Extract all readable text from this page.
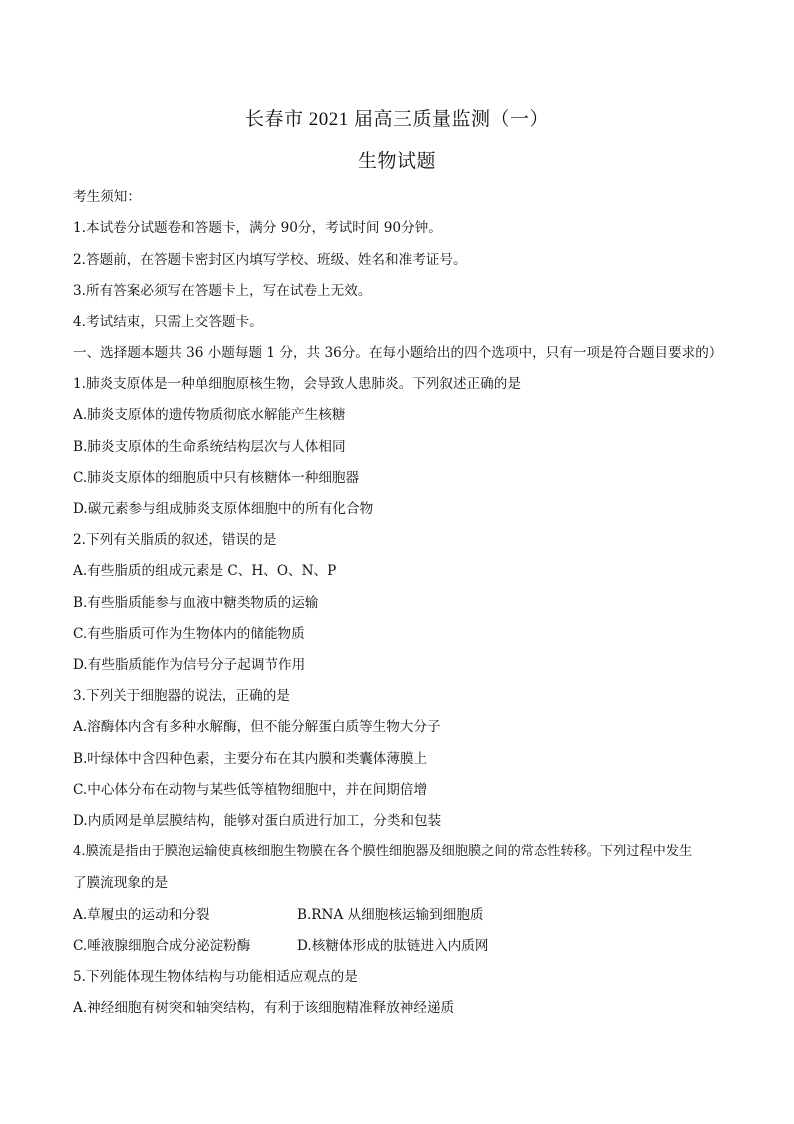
长春市 2021 届高三质量监测（一）
生物试题
考生须知：
1.本试卷分试题卷和答题卡，满分 90分，考试时间 90分钟。
2.答题前，在答题卡密封区内填写学校、班级、姓名和准考证号。
3.所有答案必须写在答题卡上，写在试卷上无效。
4.考试结束，只需上交答题卡。
一、选择题本题共 36 小题每题 1 分，共 36分。在每小题给出的四个选项中，只有一项是符合题目要求的）
1.肺炎支原体是一种单细胞原核生物，会导致人患肺炎。下列叙述正确的是
A.肺炎支原体的遗传物质彻底水解能产生核糖
B.肺炎支原体的生命系统结构层次与人体相同
C.肺炎支原体的细胞质中只有核糖体一种细胞器
D.碳元素参与组成肺炎支原体细胞中的所有化合物
2.下列有关脂质的叙述，错误的是
A.有些脂质的组成元素是 C、H、O、N、P
B.有些脂质能参与血液中糖类物质的运输
C.有些脂质可作为生物体内的储能物质
D.有些脂质能作为信号分子起调节作用
3.下列关于细胞器的说法，正确的是
A.溶酶体内含有多种水解酶，但不能分解蛋白质等生物大分子
B.叶绿体中含四种色素，主要分布在其内膜和类囊体薄膜上
C.中心体分布在动物与某些低等植物细胞中，并在间期倍增
D.内质网是单层膜结构，能够对蛋白质进行加工，分类和包装
4.膜流是指由于膜泡运输使真核细胞生物膜在各个膜性细胞器及细胞膜之间的常态性转移。下列过程中发生
了膜流现象的是
A.草履虫的运动和分裂	B.RNA 从细胞核运输到细胞质
C.唾液腺细胞合成分泌淀粉酶	D.核糖体形成的肽链进入内质网
5.下列能体现生物体结构与功能相适应观点的是
A.神经细胞有树突和轴突结构，有利于该细胞精准释放神经递质
